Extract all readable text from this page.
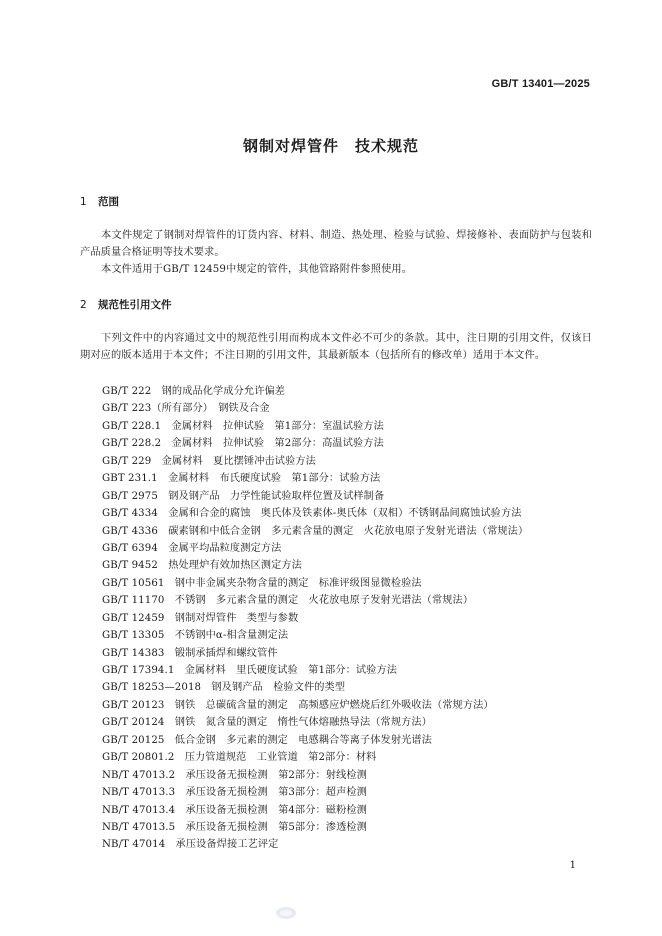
GB/T 13401—2025
钢制对焊管件　技术规范
1 范围
本文件规定了钢制对焊管件的订货内容、材料、制造、热处理、检验与试验、焊接修补、表面防护与包装和产品质量合格证明等技术要求。
本文件适用于GB/T 12459中规定的管件，其他管路附件参照使用。
2 规范性引用文件
下列文件中的内容通过文中的规范性引用而构成本文件必不可少的条款。其中，注日期的引用文件，仅该日期对应的版本适用于本文件；不注日期的引用文件，其最新版本（包括所有的修改单）适用于本文件。
GB/T 222　钢的成品化学成分允许偏差
GB/T 223（所有部分）　钢铁及合金
GB/T 228.1　金属材料　拉伸试验　第1部分：室温试验方法
GB/T 228.2　金属材料　拉伸试验　第2部分：高温试验方法
GB/T 229　金属材料　夏比摆锤冲击试验方法
GBT 231.1　金属材料　布氏硬度试验　第1部分：试验方法
GB/T 2975　钢及钢产品　力学性能试验取样位置及试样制备
GB/T 4334　金属和合金的腐蚀　奥氏体及铁素体-奥氏体（双相）不锈钢晶间腐蚀试验方法
GB/T 4336　碳素钢和中低合金钢　多元素含量的测定　火花放电原子发射光谱法（常规法）
GB/T 6394　金属平均晶粒度测定方法
GB/T 9452　热处理炉有效加热区测定方法
GB/T 10561　钢中非金属夹杂物含量的测定　标准评级图显微检验法
GB/T 11170　不锈钢　多元素含量的测定　火花放电原子发射光谱法（常规法）
GB/T 12459　钢制对焊管件　类型与参数
GB/T 13305　不锈钢中α-相含量测定法
GB/T 14383　锻制承插焊和螺纹管件
GB/T 17394.1　金属材料　里氏硬度试验　第1部分：试验方法
GB/T 18253—2018　钢及钢产品　检验文件的类型
GB/T 20123　钢铁　总碳硫含量的测定　高频感应炉燃烧后红外吸收法（常规方法）
GB/T 20124　钢铁　氮含量的测定　惰性气体熔融热导法（常规方法）
GB/T 20125　低合金钢　多元素的测定　电感耦合等离子体发射光谱法
GB/T 20801.2　压力管道规范　工业管道　第2部分：材料
NB/T 47013.2　承压设备无损检测　第2部分：射线检测
NB/T 47013.3　承压设备无损检测　第3部分：超声检测
NB/T 47013.4　承压设备无损检测　第4部分：磁粉检测
NB/T 47013.5　承压设备无损检测　第5部分：渗透检测
NB/T 47014　承压设备焊接工艺评定
1
